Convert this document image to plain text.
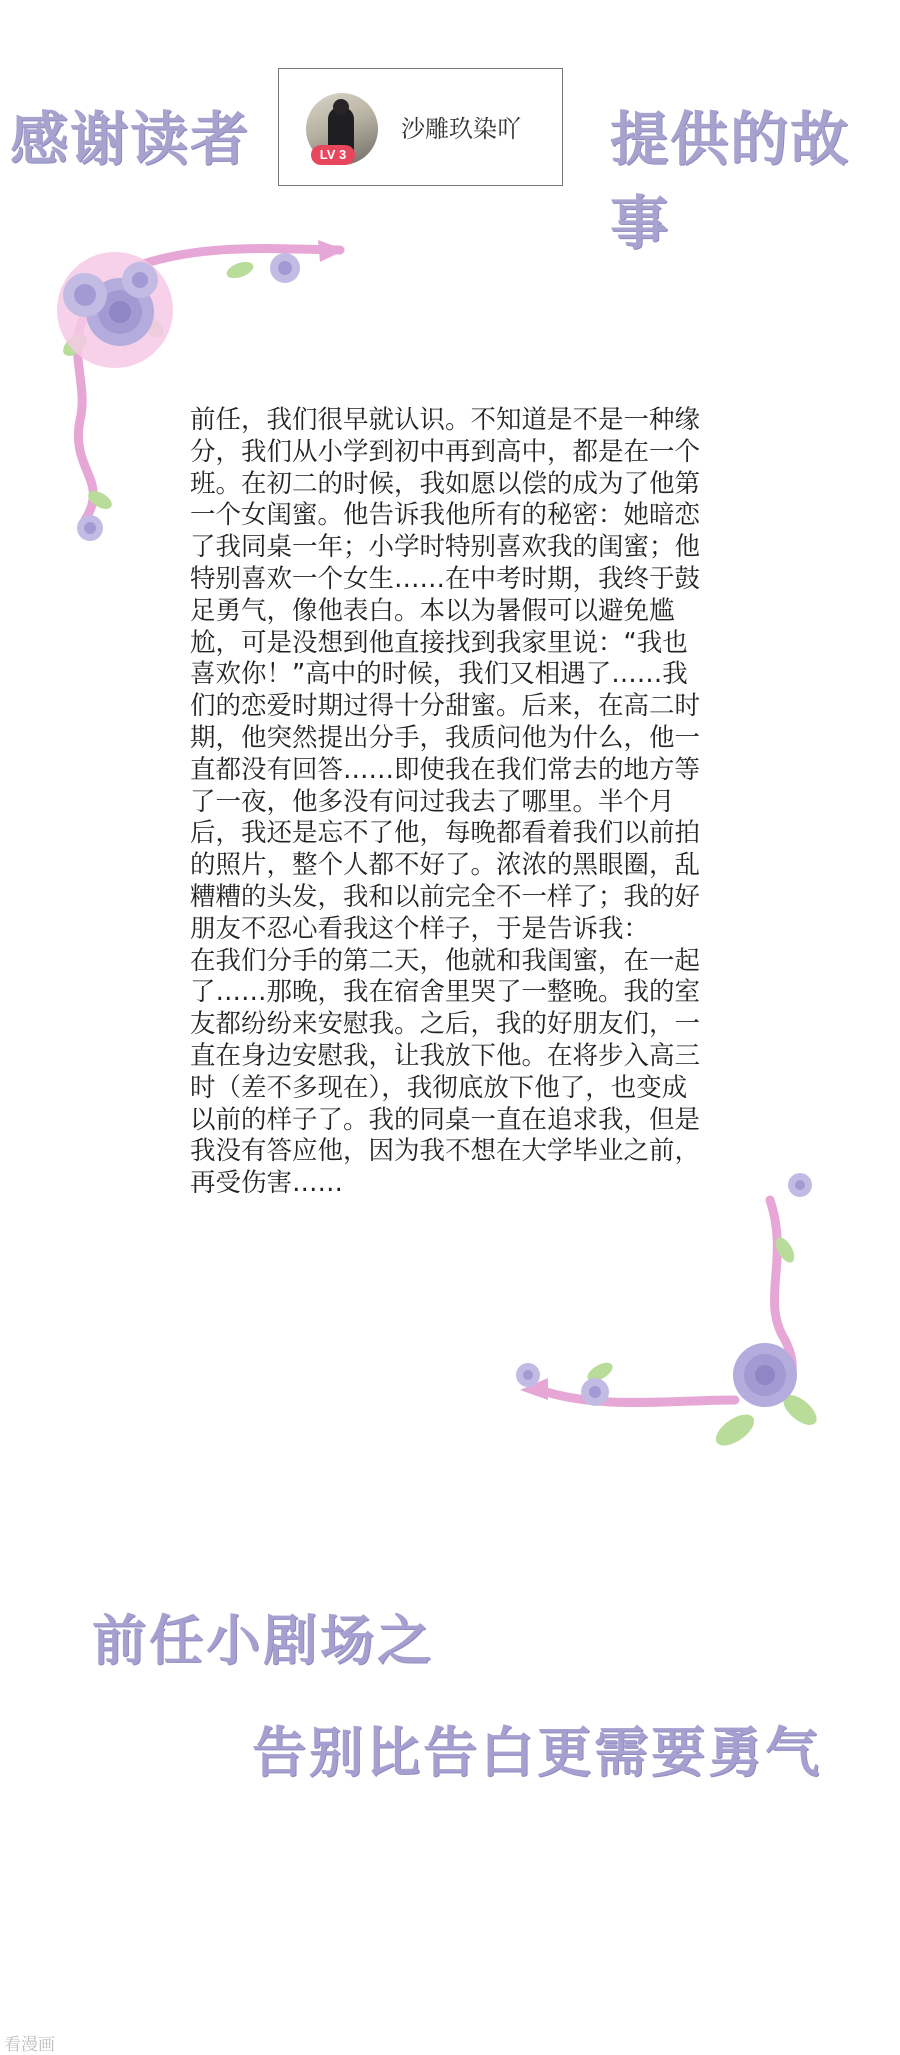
感谢读者	LV 3
沙雕玖染吖 提供的故事

前任，我们很早就认识。不知道是不是一种缘分，我们从小学到初中再到高中，都是在一个班。在初二的时候，我如愿以偿的成为了他第一个女闺蜜。他告诉我他所有的秘密：她暗恋了我同桌一年；小学时特别喜欢我的闺蜜；他特别喜欢一个女生……在中考时期，我终于鼓足勇气，像他表白。本以为暑假可以避免尴尬，可是没想到他直接找到我家里说：“我也喜欢你！”高中的时候，我们又相遇了……我们的恋爱时期过得十分甜蜜。后来，在高二时期，他突然提出分手，我质问他为什么，他一直都没有回答……即使我在我们常去的地方等了一夜，他多没有问过我去了哪里。半个月后，我还是忘不了他，每晚都看着我们以前拍的照片，整个人都不好了。浓浓的黑眼圈，乱糟糟的头发，我和以前完全不一样了；我的好朋友不忍心看我这个样子，于是告诉我：

在我们分手的第二天，他就和我闺蜜，在一起了……那晚，我在宿舍里哭了一整晚。我的室友都纷纷来安慰我。之后，我的好朋友们，一直在身边安慰我，让我放下他。在将步入高三时（差不多现在），我彻底放下他了，也变成以前的样子了。我的同桌一直在追求我，但是我没有答应他，因为我不想在大学毕业之前，再受伤害……

前任小剧场之
告别比告白更需要勇气
看漫画
